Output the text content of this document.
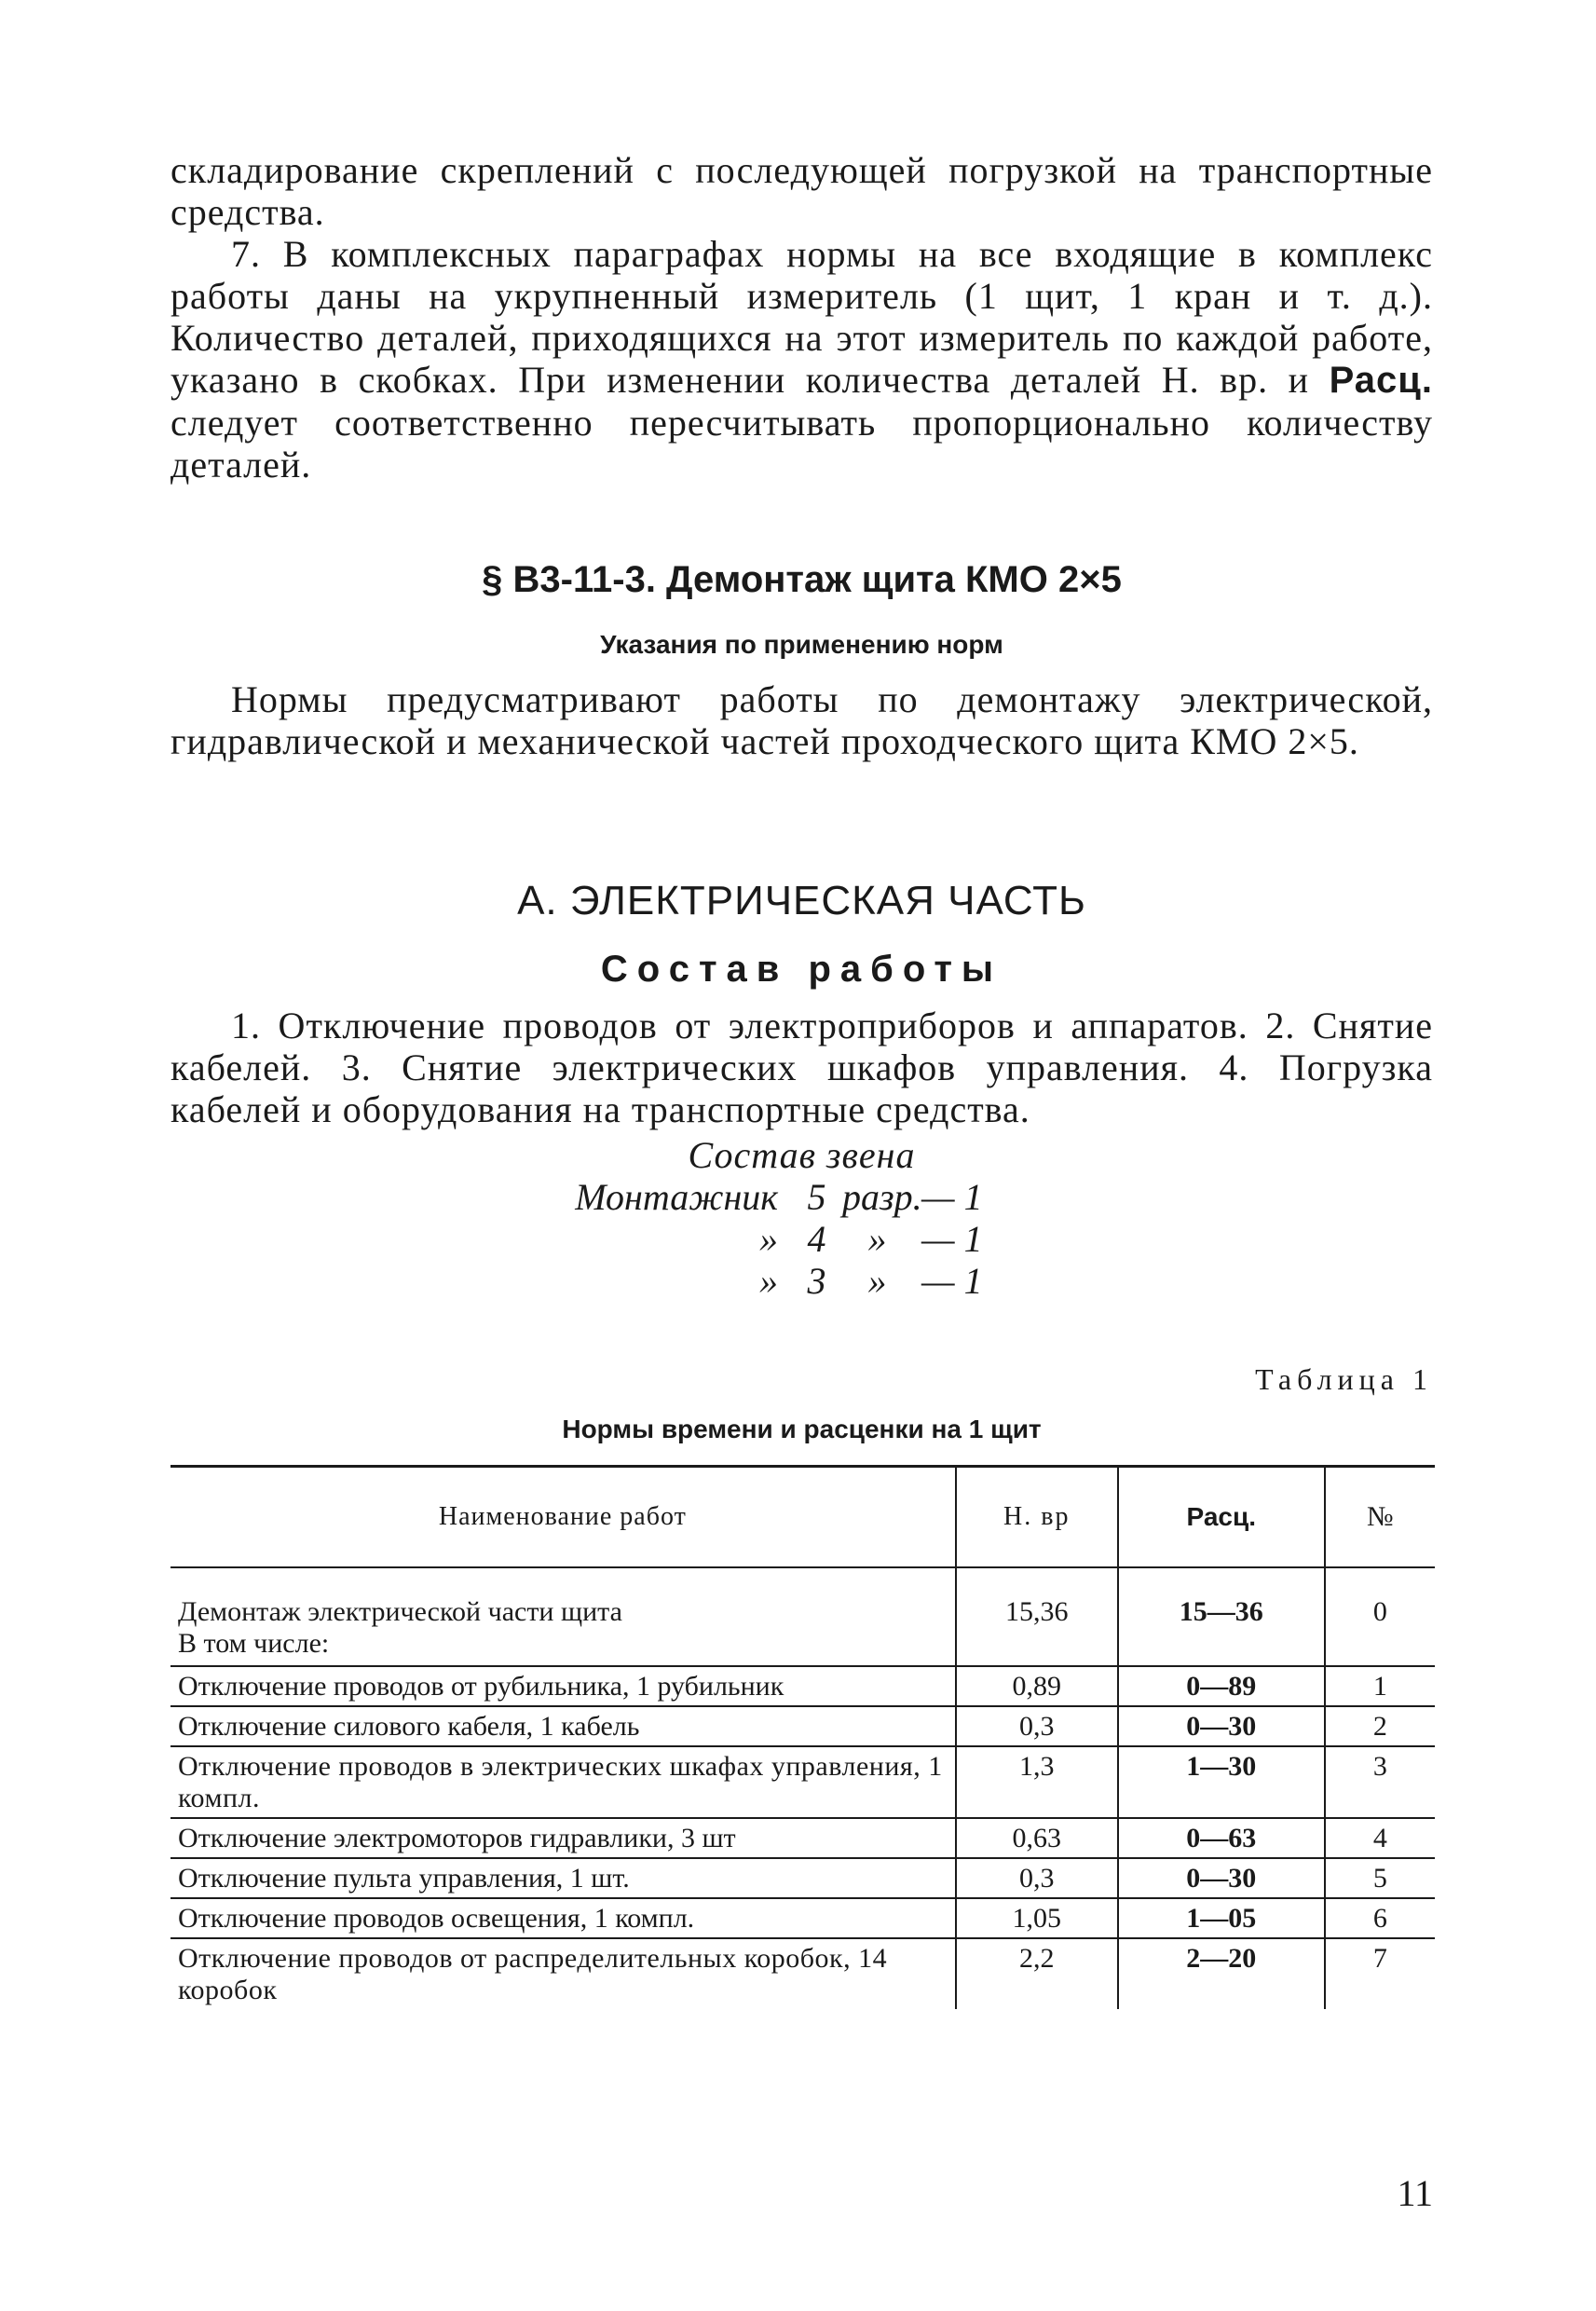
складирование скреплений с последующей погрузкой на транспортные средства.

7. В комплексных параграфах нормы на все входящие в комплекс работы даны на укрупненный измеритель (1 щит, 1 кран и т. д.). Количество деталей, приходящихся на этот измеритель по каждой работе, указано в скобках. При изменении количества деталей Н. вр. и Расц. следует соответственно пересчитывать пропорционально количеству деталей.

§ В3-11-3. Демонтаж щита КМО 2×5
Указания по применению норм

Нормы предусматривают работы по демонтажу электрической, гидравлической и механической частей проходческого щита КМО 2×5.

А. ЭЛЕКТРИЧЕСКАЯ ЧАСТЬ
Состав работы

1. Отключение проводов от электроприборов и аппаратов. 2. Снятие кабелей. 3. Снятие электрических шкафов управления. 4. Погрузка кабелей и оборудования на транспортные средства.

Состав звена
Монтажник 5 разр. — 1
» 4	» — 1
» 3	» — 1
Таблица 1
Нормы времени и расценки на 1 щит
Наименование работ	Н. вр	Расц.	№

Демонтаж электрической части щита
В том числе:	15,36	15—36	0
Отключение проводов от рубильника, 1 рубильник	0,89	0—89	1
Отключение силового кабеля, 1 кабель	0,3	0—30	2
Отключение проводов в электрических шкафах управления, 1 компл.	1,3	1—30	3
Отключение электромоторов гидравлики, 3 шт	0,63	0—63	4
Отключение пульта управления, 1 шт.	0,3	0—30	5
Отключение проводов освещения, 1 компл.	1,05	1—05	6
Отключение проводов от распределительных коробок, 14 коробок	2,2	2—20	7
11
